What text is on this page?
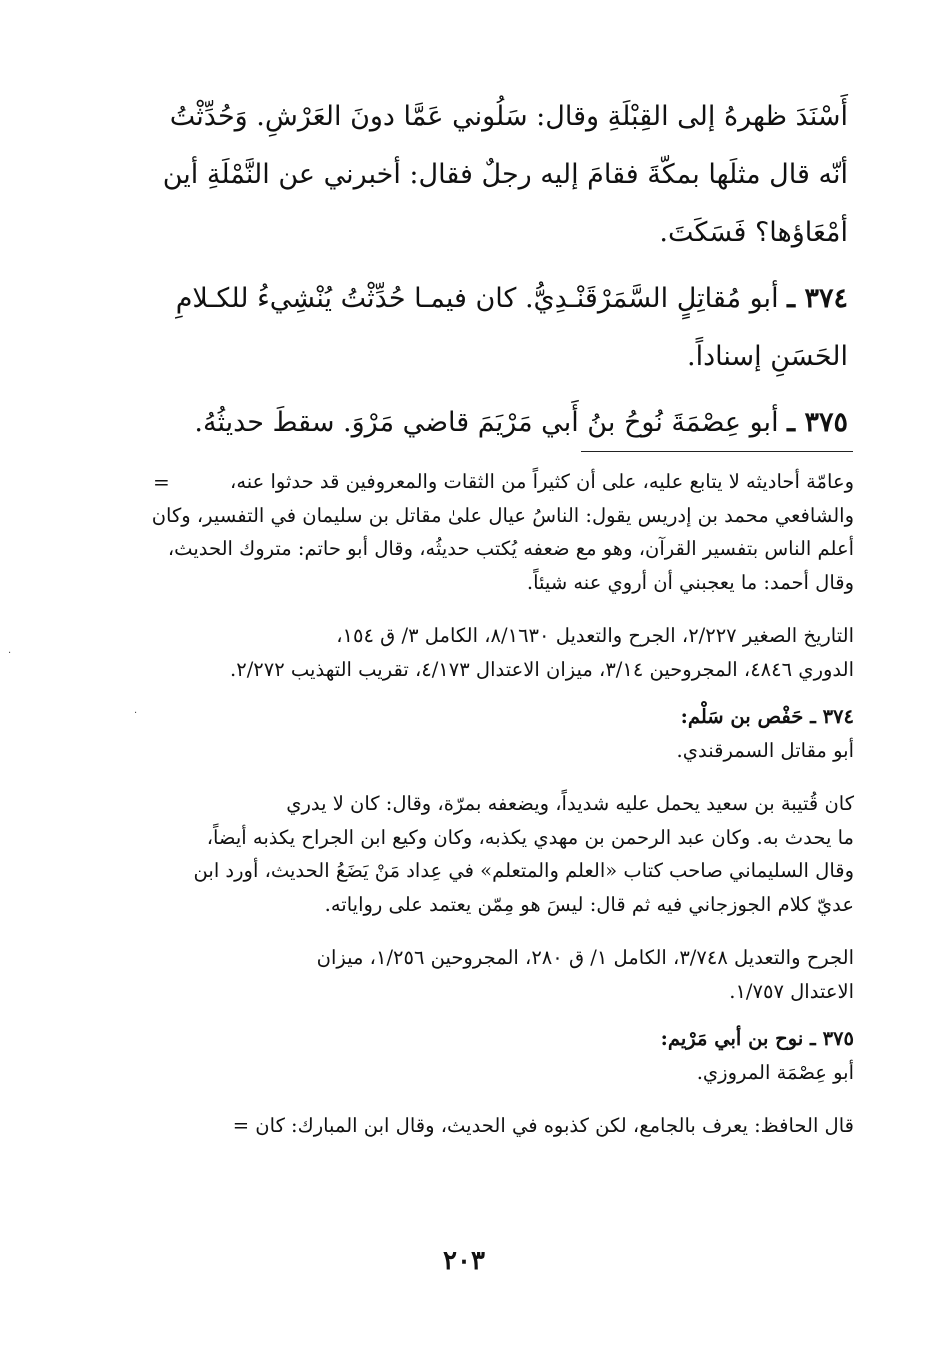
أَسْنَدَ ظهرهُ إلى القِبْلَةِ وقال: سَلُوني عَمَّا دونَ العَرْشِ. وَحُدِّثْتُ

أنّه قال مثلَها بمكّةَ فقامَ إليه رجلٌ فقال: أخبرني عن النَّمْلَةِ أين

أمْعَاؤها؟ فَسَكَتَ.

٣٧٤ ـ أبو مُقاتِلٍ السَّمَرْقَنْـدِيُّ. كان فيمـا حُدِّثْتُ يُنْشِيءُ للكـلامِ

الحَسَنِ إسناداً.

٣٧٥ ـ أبو عِصْمَةَ نُوحُ بنُ أَبي مَرْيَمَ قاضي مَرْوَ. سقطَ حديثُهُ.

=	وعامّة أحاديثه لا يتابع عليه، على أن كثيراً من الثقات والمعروفين قد حدثوا عنه،

والشافعي محمد بن إدريس يقول: الناسُ عيال علىٰ مقاتل بن سليمان في التفسير، وكان

أعلم الناس بتفسير القرآن، وهو مع ضعفه يُكتب حديثُه، وقال أبو حاتم: متروك الحديث،

وقال أحمد: ما يعجبني أن أروي عنه شيئاً.

التاريخ الصغير ٢/٢٢٧، الجرح والتعديل ٨/١٦٣٠، الكامل ٣/ ق ١٥٤،

الدوري ٤٨٤٦، المجروحين ٣/١٤، ميزان الاعتدال ٤/١٧٣، تقريب التهذيب ٢/٢٧٢.

٣٧٤ ـ حَفْص بن سَلْم:

أبو مقاتل السمرقندي.

كان قُتيبة بن سعيد يحمل عليه شديداً، ويضعفه بمرّة، وقال: كان لا يدري

ما يحدث به. وكان عبد الرحمن بن مهدي يكذبه، وكان وكيع ابن الجراح يكذبه أيضاً،

وقال السليماني صاحب كتاب «العلم والمتعلم» في عِداد مَنْ يَضَعُ الحديث، أورد ابن

عديّ كلام الجوزجاني فيه ثم قال: ليسَ هو مِمّن يعتمد على رواياته.

الجرح والتعديل ٣/٧٤٨، الكامل ١/ ق ٢٨٠، المجروحين ١/٢٥٦، ميزان

الاعتدال ١/٧٥٧.

٣٧٥ ـ نوح بن أبي مَرْيم:

أبو عِصْمَة المروزي.

قال الحافظ: يعرف بالجامع، لكن كذبوه في الحديث، وقال ابن المبارك: كان =

٢٠٣
·
·
